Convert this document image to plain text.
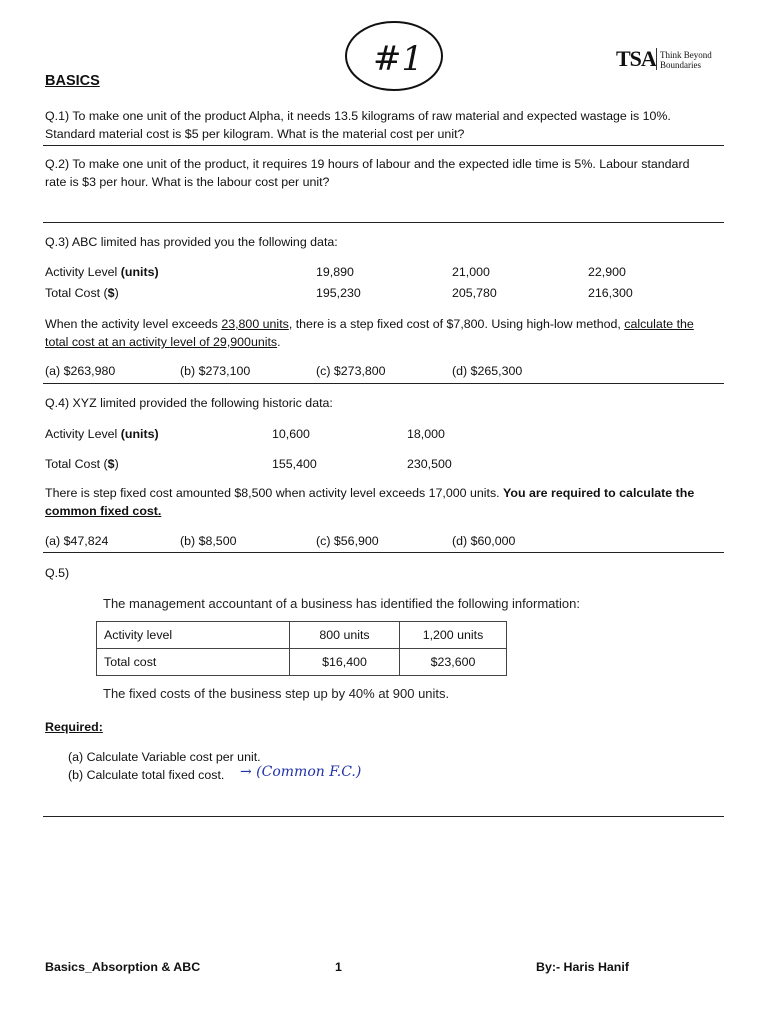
#1	TSA Think Beyond
Boundaries
BASICS
Q.1) To make one unit of the product Alpha, it needs 13.5 kilograms of raw material and expected wastage is 10%.
Standard material cost is $5 per kilogram. What is the material cost per unit?
Q.2) To make one unit of the product, it requires 19 hours of labour and the expected idle time is 5%. Labour standard
rate is $3 per hour. What is the labour cost per unit?
Q.3) ABC limited has provided you the following data:
Activity Level (units)	19,890	21,000	22,900
Total Cost ($)	195,230	205,780	216,300
When the activity level exceeds 23,800 units, there is a step fixed cost of $7,800. Using high-low method, calculate the
total cost at an activity level of 29,900units.
(a) $263,980	(b) $273,100	(c) $273,800	(d) $265,300
Q.4) XYZ limited provided the following historic data:
Activity Level (units)	10,600	18,000
Total Cost ($)	155,400	230,500
There is step fixed cost amounted $8,500 when activity level exceeds 17,000 units. You are required to calculate the
common fixed cost.
(a) $47,824	(b) $8,500	(c) $56,900	(d) $60,000
Q.5)
The management accountant of a business has identified the following information:
Activity level	800 units	1,200 units
Total cost	$16,400	$23,600
The fixed costs of the business step up by 40% at 900 units.
Required:
(a) Calculate Variable cost per unit.
(b) Calculate total fixed cost. → (Common F.C.)
Basics_Absorption & ABC	1	By:- Haris Hanif
